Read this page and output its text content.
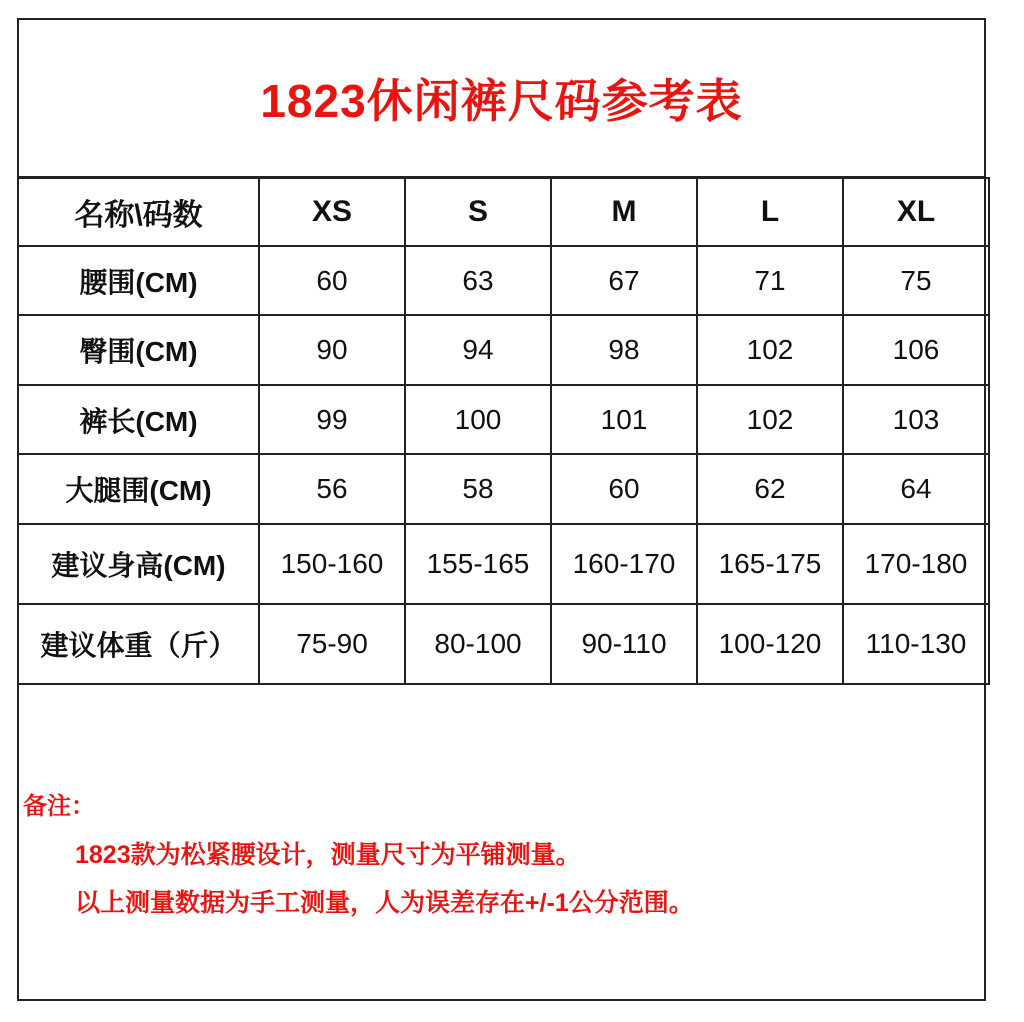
1823休闲裤尺码参考表
名称\码数	XS	S	M	L	XL
腰围(CM)	60	63	67	71	75
臀围(CM)	90	94	98	102	106
裤长(CM)	99	100	101	102	103
大腿围(CM)	56	58	60	62	64
建议身高(CM)	150-160	155-165	160-170	165-175	170-180
建议体重（斤）	75-90	80-100	90-110	100-120	110-130
备注：
1823款为松紧腰设计，测量尺寸为平铺测量。
以上测量数据为手工测量，人为误差存在+/-1公分范围。
